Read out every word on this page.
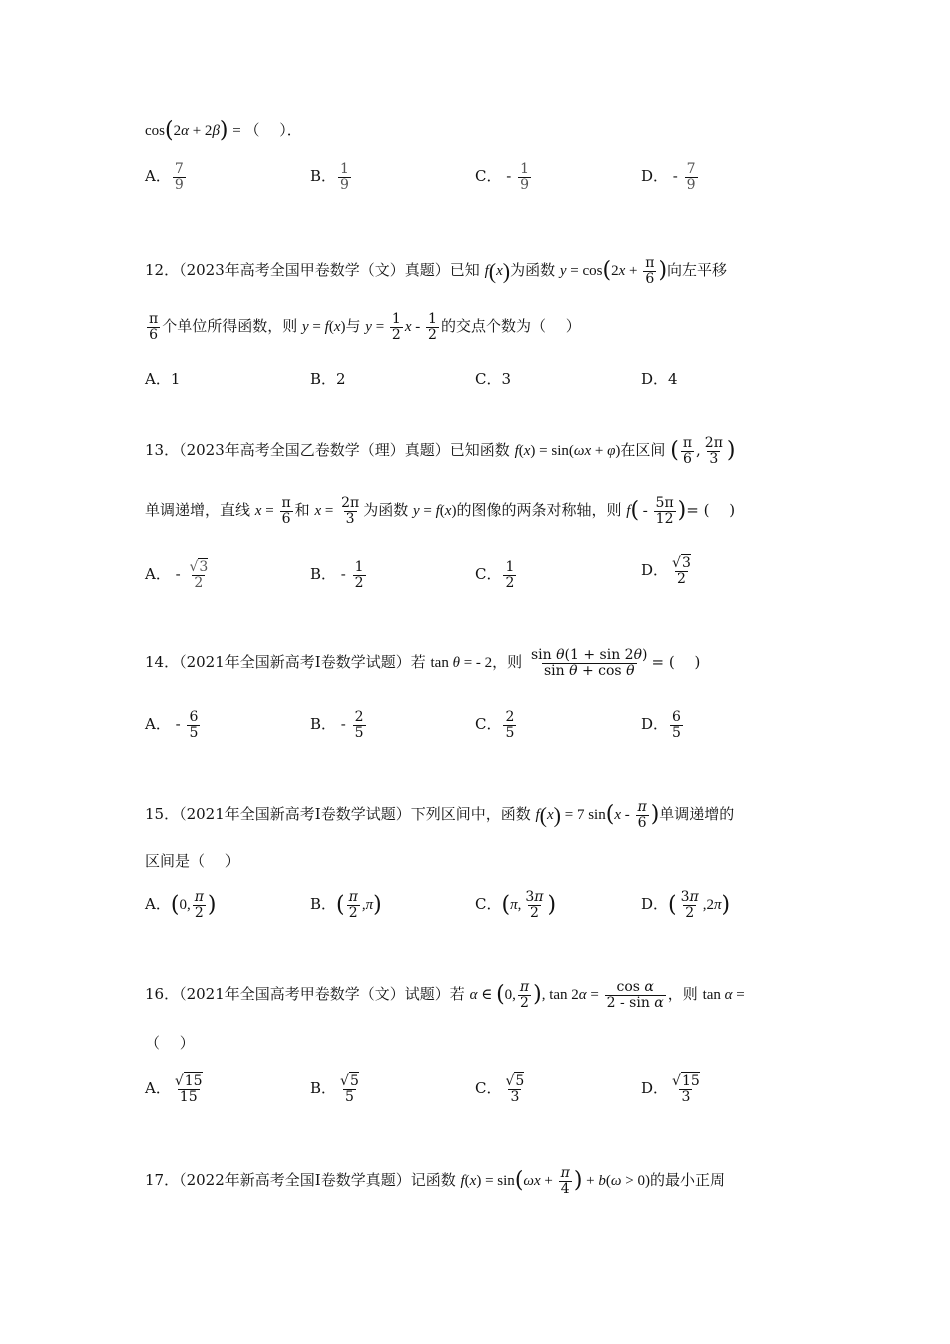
cos(2α + 2β) = （　 ）．
A． $\frac{7}{9}$	B． $\frac{1}{9}$	C． - $\frac{1}{9}$	D． - $\frac{7}{9}$
12．（2023年高考全国甲卷数学（文）真题）已知 f(x)为函数 $y = \cos(2x + \frac{\pi}{6}$ )向左平移
$\frac{\pi}{6}$ 个单位所得函数，则 y = f(x)与 $y = \frac{1}{2}$ x - $\frac{1}{2}$ 的交点个数为（　 ）
A．1	B．2	C．3	D．4
13．（2023年高考全国乙卷数学（理）真题）已知函数 f(x) = sin(ωx + φ)在区间 ( $\frac{\pi}{6}$ , $\frac{2\pi}{3}$ )
单调递增，直线 $x = \frac{\pi}{6}$ 和 $x = \frac{2\pi}{3}$ 为函数 y = f(x)的图像的两条对称轴，则 $f( - \frac{5\pi}{12}$ )= (　 )
A． - $\frac{√3}{2}$	B． - $\frac{1}{2}$	C． $\frac{1}{2}$	D． $\frac{√3}{2}$
14．（2021年全国新高考I卷数学试题）若 tan θ = - 2，则 $\frac{\text{sin θ(1 + sin 2θ)}}{\text{sin θ + cos θ}}$ = (　 )
A． - $\frac{6}{5}$	B． - $\frac{2}{5}$	C． $\frac{2}{5}$	D． $\frac{6}{5}$
15．（2021年全国新高考I卷数学试题）下列区间中，函数 f(x) = 7 $\sin(x - \frac{\pi}{6}$ )单调递增的
区间是（　 ）
A．(0, $\frac{\pi}{2}$ )	B．( $\frac{\pi}{2} ,\pi$)	C．(π, $\frac{3\pi}{2}$ )	D．( $\frac{3\pi}{2} ,2\pi$)
16．（2021年全国高考甲卷数学（文）试题）若 α ∈ (0, $\frac{\pi}{2}$ ), $\tan 2\alpha = \frac{\text{cos α}}{\text{2 - sin α}}$ ，则 tan α =
（　 ）
A． $\frac{√15}{15}$	B． $\frac{√5}{5}$	C． $\frac{√5}{3}$	D． $\frac{√15}{3}$
17．（2022年新高考全国I卷数学真题）记函数 $f(x) = \sin(\omega x + \frac{\pi}{4}$ ) + b(ω > 0)的最小正周
